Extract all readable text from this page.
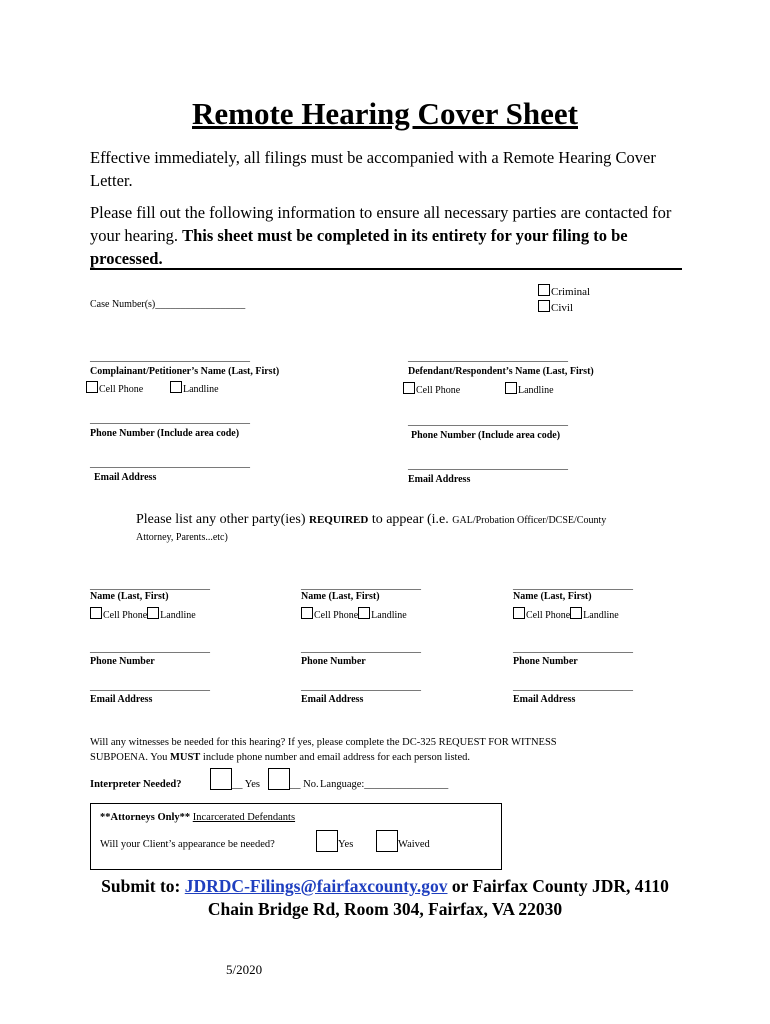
Remote Hearing Cover Sheet
Effective immediately, all filings must be accompanied with a Remote Hearing Cover Letter.
Please fill out the following information to ensure all necessary parties are contacted for your hearing. This sheet must be completed in its entirety for your filing to be processed.
Case Number(s)__________________
Criminal
Civil
________________________________
Complainant/Petitioner’s Name (Last, First)
Cell Phone	Landline
________________________________
Phone Number (Include area code)
________________________________
Email Address
________________________________
Defendant/Respondent’s Name (Last, First)
Cell Phone	Landline
________________________________
Phone Number (Include area code)
________________________________
Email Address
Please list any other party(ies) REQUIRED to appear (i.e. GAL/Probation Officer/DCSE/County
Attorney, Parents...etc)
________________________
Name (Last, First)
Cell Phone Landline
________________________
Phone Number
________________________
Email Address
________________________
Name (Last, First)
Cell Phone Landline
________________________
Phone Number
________________________
Email Address
________________________
Name (Last, First)
Cell Phone Landline
________________________
Phone Number
________________________
Email Address
Will any witnesses be needed for this hearing? If yes, please complete the DC-325 REQUEST FOR WITNESS
SUBPOENA. You MUST include phone number and email address for each person listed.
Interpreter Needed?	__ Yes	__ No. Language:________________
**Attorneys Only** Incarcerated Defendants
Will your Client’s appearance be needed?	Yes	Waived
Submit to: JDRDC-Filings@fairfaxcounty.gov or Fairfax County JDR, 4110
Chain Bridge Rd, Room 304, Fairfax, VA 22030
5/2020
